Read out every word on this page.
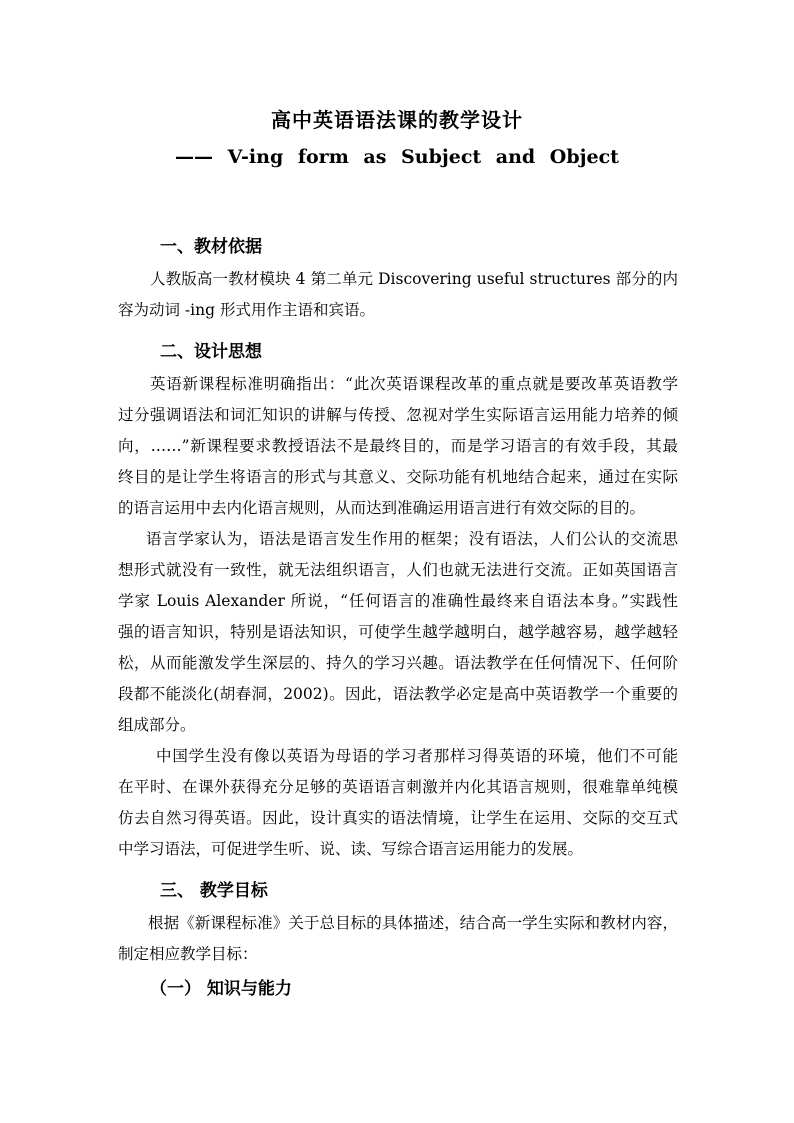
高中英语语法课的教学设计
—— V-ing form as Subject and Object
一、教材依据
人教版高一教材模块 4 第二单元 Discovering useful structures 部分的内
容为动词 -ing 形式用作主语和宾语。
二、设计思想
英语新课程标准明确指出：“此次英语课程改革的重点就是要改革英语教学
过分强调语法和词汇知识的讲解与传授、忽视对学生实际语言运用能力培养的倾
向，……”新课程要求教授语法不是最终目的，而是学习语言的有效手段，其最
终目的是让学生将语言的形式与其意义、交际功能有机地结合起来，通过在实际
的语言运用中去内化语言规则，从而达到准确运用语言进行有效交际的目的。
语言学家认为，语法是语言发生作用的框架；没有语法，人们公认的交流思
想形式就没有一致性，就无法组织语言，人们也就无法进行交流。正如英国语言
学家 Louis Alexander 所说，“任何语言的准确性最终来自语法本身。”实践性
强的语言知识，特别是语法知识，可使学生越学越明白，越学越容易，越学越轻
松，从而能激发学生深层的、持久的学习兴趣。语法教学在任何情况下、任何阶
段都不能淡化(胡春洞，2002)。因此，语法教学必定是高中英语教学一个重要的
组成部分。
中国学生没有像以英语为母语的学习者那样习得英语的环境，他们不可能
在平时、在课外获得充分足够的英语语言刺激并内化其语言规则，很难靠单纯模
仿去自然习得英语。因此，设计真实的语法情境，让学生在运用、交际的交互式
中学习语法，可促进学生听、说、读、写综合语言运用能力的发展。
三、 教学目标
根据《新课程标准》关于总目标的具体描述，结合高一学生实际和教材内容，
制定相应教学目标：
（一） 知识与能力
